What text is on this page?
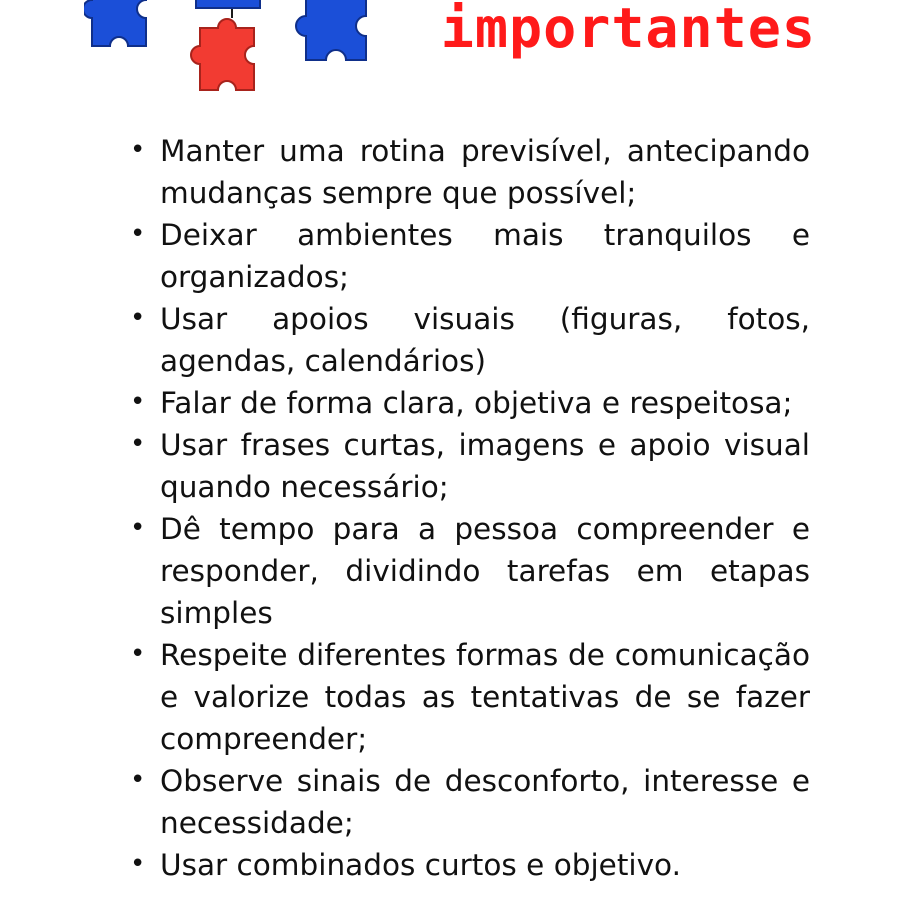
importantes
• Manter uma rotina previsível, antecipando mudanças sempre que possível;
• Deixar ambientes mais tranquilos e organizados;
• Usar apoios visuais (figuras, fotos, agendas, calendários)
• Falar de forma clara, objetiva e respeitosa;
• Usar frases curtas, imagens e apoio visual quando necessário;
• Dê tempo para a pessoa compreender e responder, dividindo tarefas em etapas simples
• Respeite diferentes formas de comunicação e valorize todas as tentativas de se fazer compreender;
• Observe sinais de desconforto, interesse e necessidade;
• Usar combinados curtos e objetivo.
